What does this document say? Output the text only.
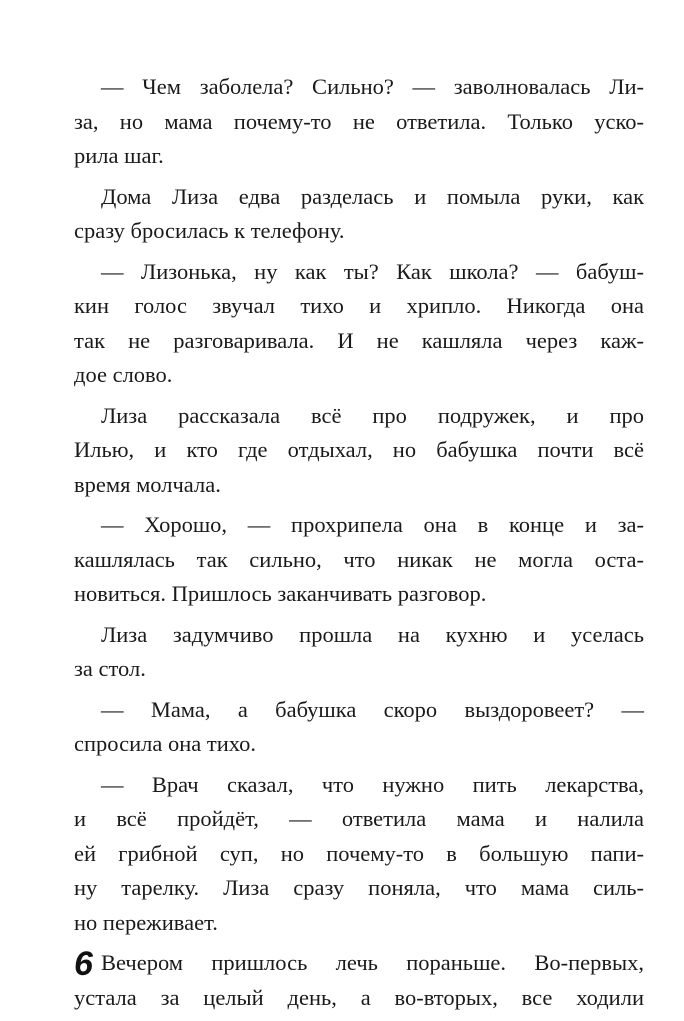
— Чем заболела? Сильно? — заволновалась Ли-
за, но мама почему-то не ответила. Только уско-
рила шаг.
Дома Лиза едва разделась и помыла руки, как
сразу бросилась к телефону.
— Лизонька, ну как ты? Как школа? — бабуш-
кин голос звучал тихо и хрипло. Никогда она
так не разговаривала. И не кашляла через каж-
дое слово.
Лиза рассказала всё про подружек, и про
Илью, и кто где отдыхал, но бабушка почти всё
время молчала.
— Хорошо, — прохрипела она в конце и за-
кашлялась так сильно, что никак не могла оста-
новиться. Пришлось заканчивать разговор.
Лиза задумчиво прошла на кухню и уселась
за стол.
— Мама, а бабушка скоро выздоровеет? —
спросила она тихо.
— Врач сказал, что нужно пить лекарства,
и всё пройдёт, — ответила мама и налила
ей грибной суп, но почему-то в большую папи-
ну тарелку. Лиза сразу поняла, что мама силь-
но переживает.
Вечером пришлось лечь пораньше. Во-первых,
устала за целый день, а во-вторых, все ходили
6
